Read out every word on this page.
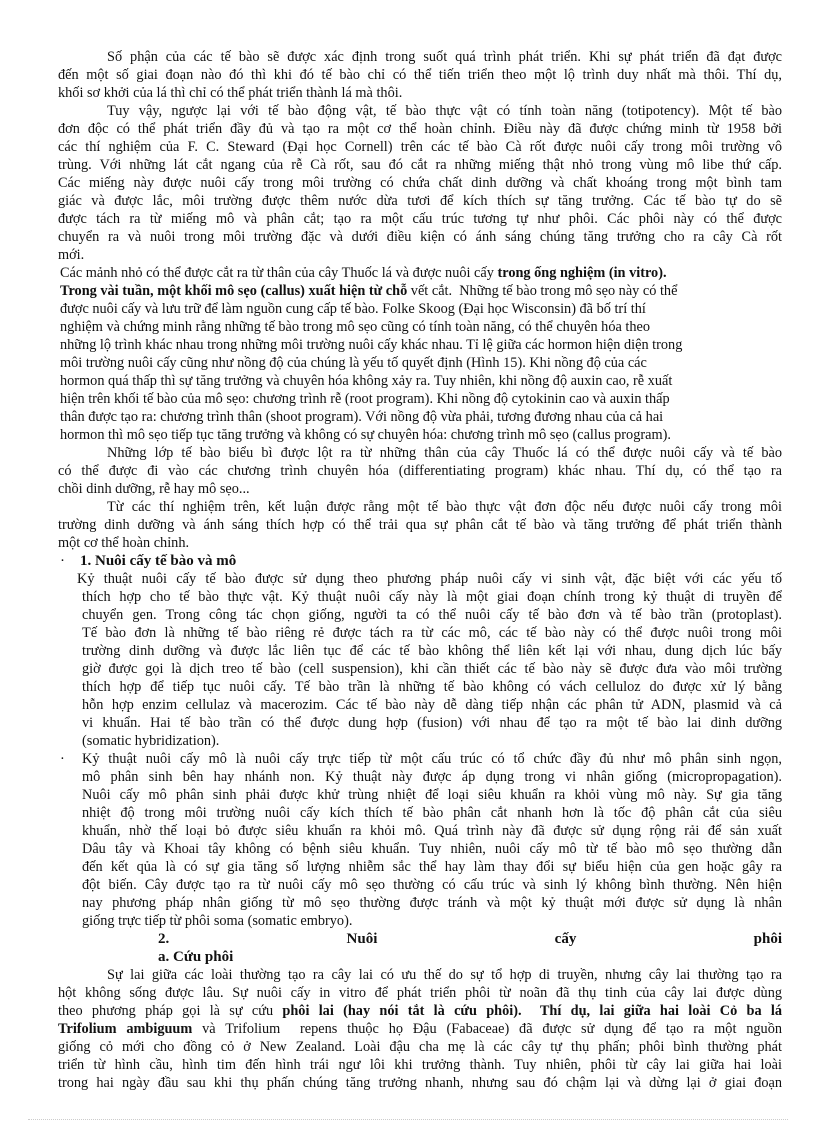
Số phận của các tế bào sẽ được xác định trong suốt quá trình phát triển. Khi sự phát triển đã đạt được
đến một số giai đoạn nào đó thì khi đó tế bào chỉ có thể tiến triển theo một lộ trình duy nhất mà thôi. Thí dụ,
khối sơ khởi của lá thì chỉ có thể phát triển thành lá mà thôi.
Tuy vậy, ngược lại với tế bào động vật, tế bào thực vật có tính toàn năng (totipotency). Một tế bào
đơn độc có thể phát triển đầy đủ và tạo ra một cơ thể hoàn chỉnh. Điều này đã được chứng minh từ 1958 bởi
các thí nghiệm của F. C. Steward (Đại học Cornell) trên các tế bào Cà rốt được nuôi cấy trong môi trường vô
trùng. Với những lát cắt ngang của rễ Cà rốt, sau đó cắt ra những miếng thật nhỏ trong vùng mô libe thứ cấp.
Các miếng này được nuôi cấy trong môi trường có chứa chất dinh dưỡng và chất khoáng trong một bình tam
giác và được lắc, môi trường được thêm nước dừa tươi để kích thích sự tăng trưởng. Các tế bào tự do sẽ
được tách ra từ miếng mô và phân cắt; tạo ra một cấu trúc tương tự như phôi. Các phôi này có thể được
chuyển ra và nuôi trong môi trường đặc và dưới điều kiện có ánh sáng chúng tăng trưởng cho ra cây Cà rốt
mới.
Các mảnh nhỏ có thể được cắt ra từ thân của cây Thuốc lá và được nuôi cấy trong ống nghiệm (in vitro).
Trong vài tuần, một khối mô sẹo (callus) xuất hiện từ chỗ vết cắt.  Những tế bào trong mô sẹo này có thể
được nuôi cấy và lưu trữ để làm nguồn cung cấp tế bào. Folke Skoog (Đại học Wisconsin) đã bố trí thí
nghiệm và chứng minh rằng những tế bào trong mô sẹo cũng có tính toàn năng, có thể chuyên hóa theo
những lộ trình khác nhau trong những môi trường nuôi cấy khác nhau. Tỉ lệ giữa các hormon hiện diện trong
môi trường nuôi cấy cũng như nồng độ của chúng là yếu tố quyết định (Hình 15). Khi nồng độ của các
hormon quá thấp thì sự tăng trưởng và chuyên hóa không xảy ra. Tuy nhiên, khi nồng độ auxin cao, rễ xuất
hiện trên khối tế bào của mô sẹo: chương trình rễ (root program). Khi nồng độ cytokinin cao và auxin thấp
thân được tạo ra: chương trình thân (shoot program). Với nồng độ vừa phải, tương đương nhau của cả hai
hormon thì mô sẹo tiếp tục tăng trưởng và không có sự chuyên hóa: chương trình mô sẹo (callus program).
Những lớp tế bào biểu bì được lột ra từ những thân của cây Thuốc lá có thể được nuôi cấy và tế bào
có thể được đi vào các chương trình chuyên hóa (differentiating program) khác nhau. Thí dụ, có thể tạo ra
chồi dinh dưỡng, rễ hay mô sẹo...
Từ các thí nghiệm trên, kết luận được rằng một tế bào thực vật đơn độc nếu được nuôi cấy trong môi
trường dinh dưỡng và ánh sáng thích hợp có thể trải qua sự phân cắt tế bào và tăng trưởng để phát triển thành
một cơ thể hoàn chỉnh.
· 1. Nuôi cấy tế bào và mô
Kỷ thuật nuôi cấy tế bào được sử dụng theo phương pháp nuôi cấy vi sinh vật, đặc biệt với các yếu tố
thích hợp cho tế bào thực vật. Kỷ thuật nuôi cấy này là một giai đoạn chính trong kỷ thuật di truyền để
chuyển gen. Trong công tác chọn giống, người ta có thể nuôi cấy tế bào đơn và tế bào trần (protoplast).
Tế bào đơn là những tế bào riêng rẻ được tách ra từ các mô, các tế bào này có thể được nuôi trong môi
trường dinh dưỡng và được lắc liên tục để các tế bào không thể liên kết lại với nhau, dung dịch lúc bấy
giờ được gọi là dịch treo tế bào (cell suspension), khi cần thiết các tế bào này sẽ được đưa vào môi trường
thích hợp để tiếp tục nuôi cấy. Tế bào trần là những tế bào không có vách celluloz do được xử lý bằng
hỗn hợp enzim cellulaz và macerozim. Các tế bào này dễ dàng tiếp nhận các phân tử ADN, plasmid và cả
vi khuẩn. Hai tế bào trần có thể được dung hợp (fusion) với nhau để tạo ra một tế bào lai dinh dưỡng
(somatic hybridization).
· Kỷ thuật nuôi cấy mô là nuôi cấy trực tiếp từ một cấu trúc có tổ chức đầy đủ như mô phân sinh ngọn,
mô phân sinh bên hay nhánh non. Kỷ thuật này được áp dụng trong vi nhân giống (micropropagation).
Nuôi cấy mô phân sinh phải được khử trùng nhiệt để loại siêu khuẩn ra khỏi vùng mô này. Sự gia tăng
nhiệt độ trong môi trường nuôi cấy kích thích tế bào phân cắt nhanh hơn là tốc độ phân cắt của siêu
khuẩn, nhờ thế loại bỏ được siêu khuẩn ra khỏi mô. Quá trình này đã được sử dụng rộng rải để sản xuất
Dâu tây và Khoai tây không có bệnh siêu khuẩn. Tuy nhiên, nuôi cấy mô từ tế bào mô sẹo thường dẫn
đến kết qủa là có sự gia tăng số lượng nhiễm sắc thể hay làm thay đổi sự biểu hiện của gen hoặc gây ra
đột biến. Cây được tạo ra từ nuôi cấy mô sẹo thường có cấu trúc và sinh lý không bình thường. Nên hiện
nay phương pháp nhân giống từ mô sẹo thường được tránh và một kỷ thuật mới được sử dụng là nhân
giống trực tiếp từ phôi soma (somatic embryo).
2. Nuôi cấy phôi
a. Cứu phôi
Sự lai giữa các loài thường tạo ra cây lai có ưu thế do sự tổ hợp di truyền, nhưng cây lai thường tạo ra
hột không sống được lâu. Sự nuôi cấy in vitro để phát triển phôi từ noãn đã thụ tinh của cây lai được dùng
theo phương pháp gọi là sự cứu phôi lai (hay nói tắt là cứu phôi).  Thí dụ, lai giữa hai loài Cỏ ba lá
Trifolium ambiguum và Trifolium  repens thuộc họ Đậu (Fabaceae) đã được sử dụng để tạo ra một nguồn
giống cỏ mới cho đồng cỏ ở New Zealand. Loài đậu cha mẹ là các cây tự thụ phấn; phôi bình thường phát
triển từ hình cầu, hình tim đến hình trái ngư lôi khi trưởng thành. Tuy nhiên, phôi từ cây lai giữa hai loài
trong hai ngày đầu sau khi thụ phấn chúng tăng trưởng nhanh, nhưng sau đó chậm lại và dừng lại ở giai đoạn
